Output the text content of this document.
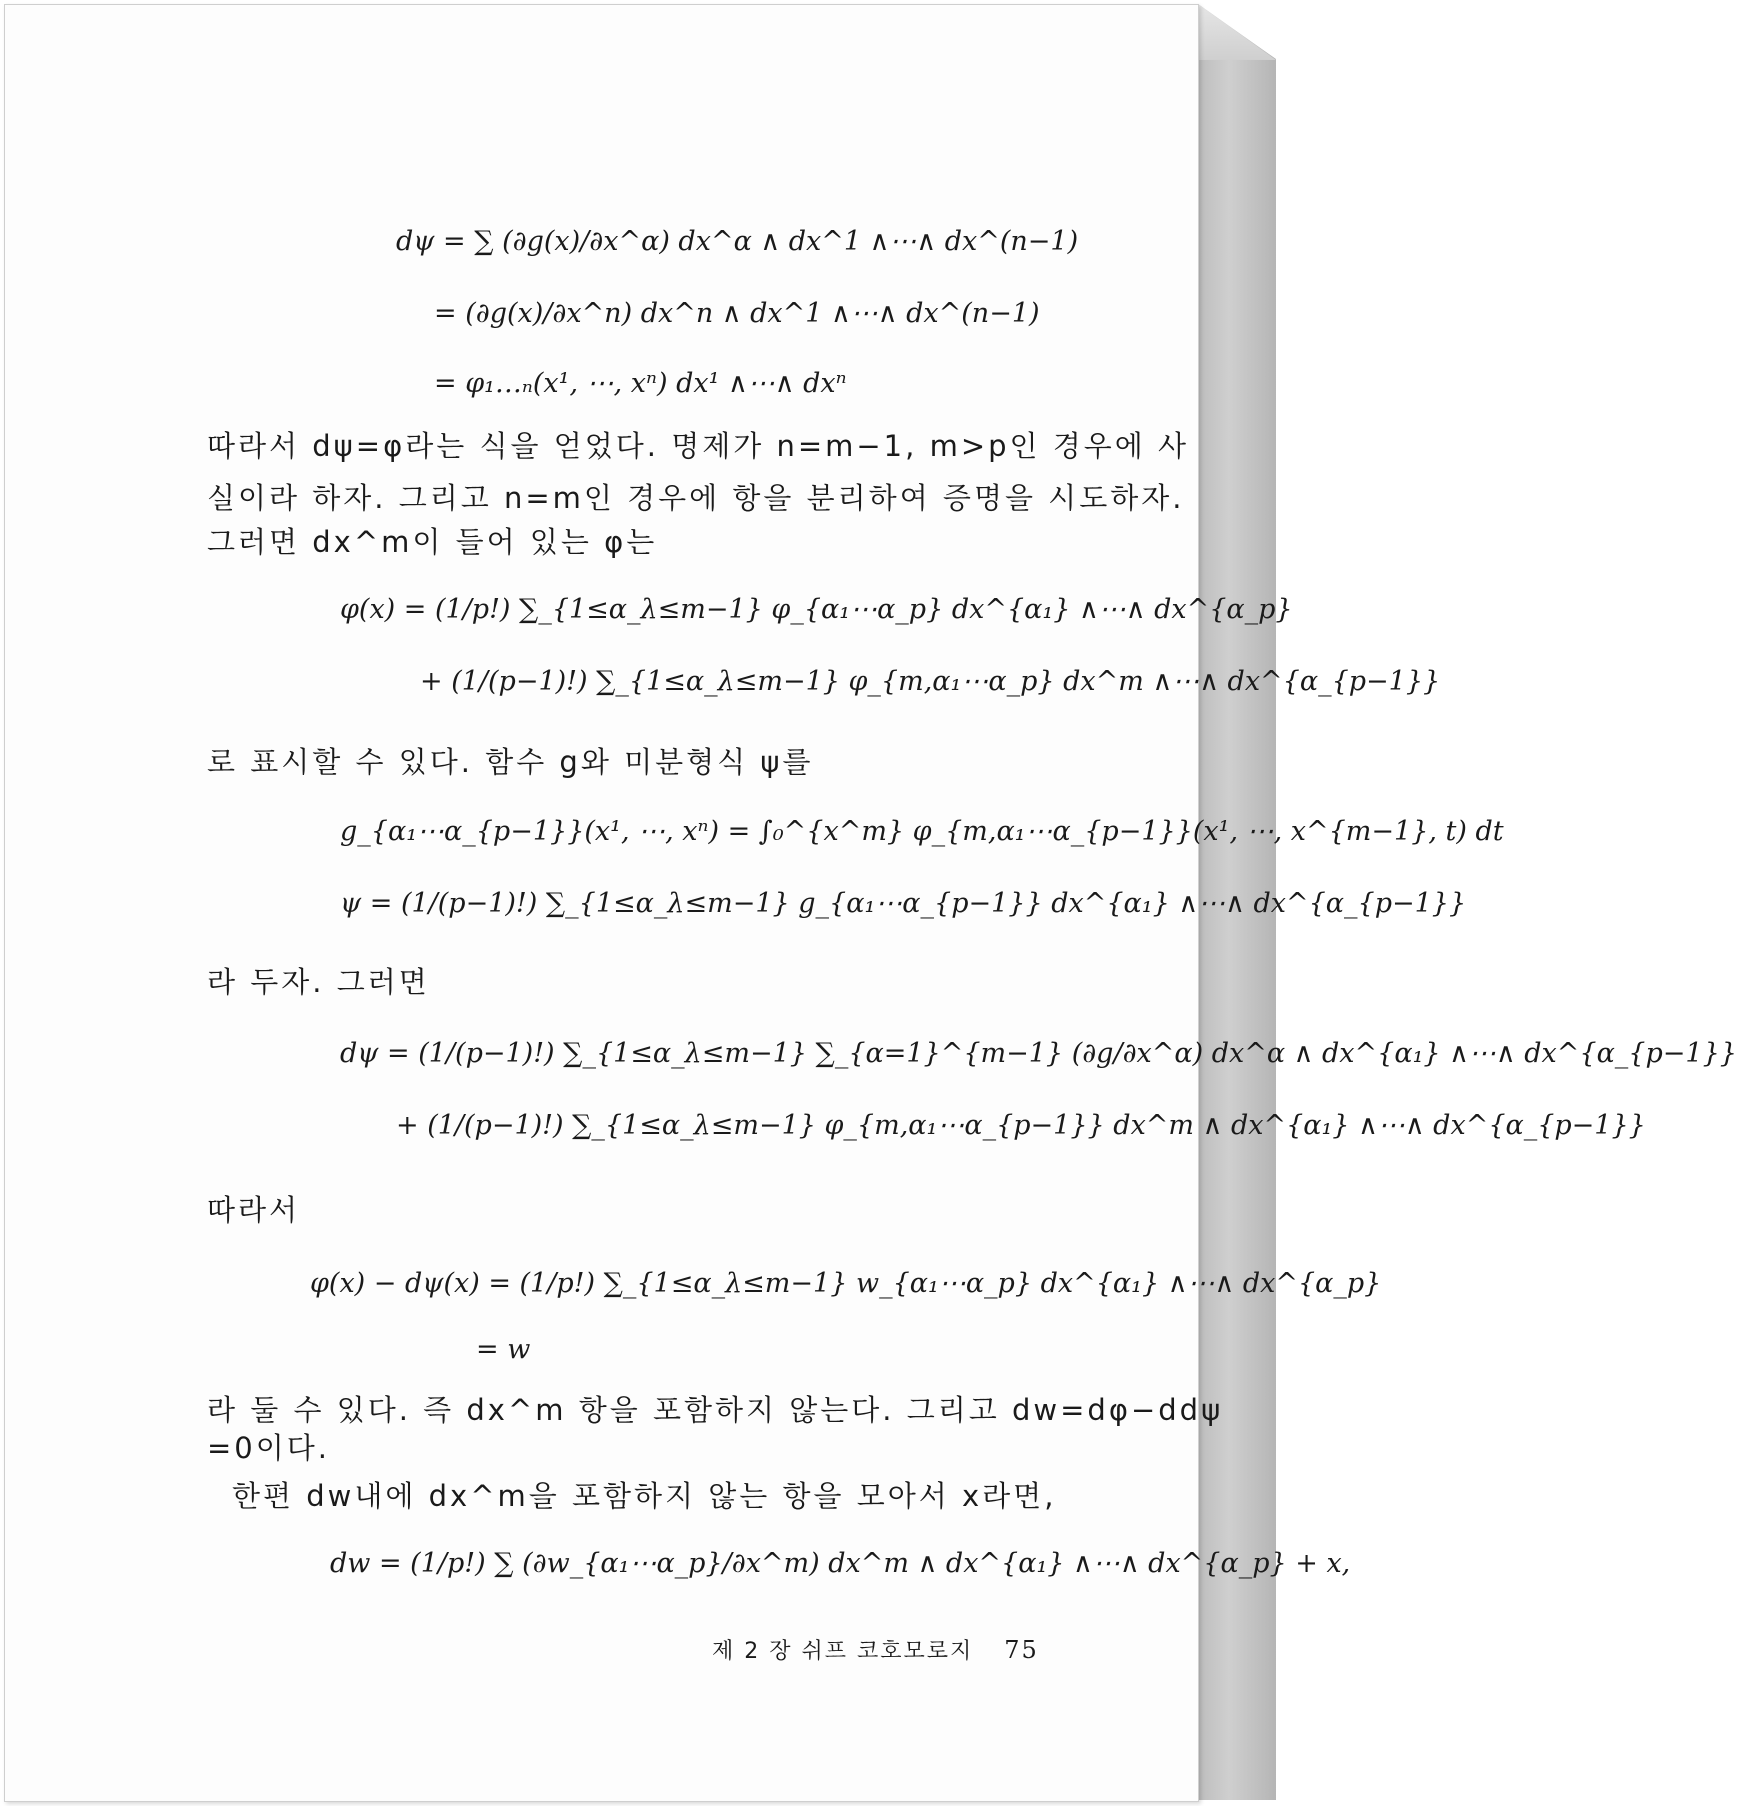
dψ = ∑ (∂g(x)/∂x^α) dx^α ∧ dx^1 ∧⋯∧ dx^(n−1)
= (∂g(x)/∂x^n) dx^n ∧ dx^1 ∧⋯∧ dx^(n−1)
= φ₁…ₙ(x¹, ⋯, xⁿ) dx¹ ∧⋯∧ dxⁿ
따라서 dψ=φ라는 식을 얻었다. 명제가 n=m−1, m>p인 경우에 사
실이라 하자. 그리고 n=m인 경우에 항을 분리하여 증명을 시도하자.
그러면 dx^m이 들어 있는 φ는
φ(x) = (1/p!) ∑_{1≤α_λ≤m−1} φ_{α₁⋯α_p} dx^{α₁} ∧⋯∧ dx^{α_p}
+ (1/(p−1)!) ∑_{1≤α_λ≤m−1} φ_{m,α₁⋯α_p} dx^m ∧⋯∧ dx^{α_{p−1}}
로 표시할 수 있다. 함수 g와 미분형식 ψ를
g_{α₁⋯α_{p−1}}(x¹, ⋯, xⁿ) = ∫₀^{x^m} φ_{m,α₁⋯α_{p−1}}(x¹, ⋯, x^{m−1}, t) dt
ψ = (1/(p−1)!) ∑_{1≤α_λ≤m−1} g_{α₁⋯α_{p−1}} dx^{α₁} ∧⋯∧ dx^{α_{p−1}}
라 두자. 그러면
dψ = (1/(p−1)!) ∑_{1≤α_λ≤m−1} ∑_{α=1}^{m−1} (∂g/∂x^α) dx^α ∧ dx^{α₁} ∧⋯∧ dx^{α_{p−1}}
+ (1/(p−1)!) ∑_{1≤α_λ≤m−1} φ_{m,α₁⋯α_{p−1}} dx^m ∧ dx^{α₁} ∧⋯∧ dx^{α_{p−1}}
따라서
φ(x) − dψ(x) = (1/p!) ∑_{1≤α_λ≤m−1} w_{α₁⋯α_p} dx^{α₁} ∧⋯∧ dx^{α_p}
= w
라 둘 수 있다. 즉 dx^m 항을 포함하지 않는다. 그리고 dw=dφ−ddψ
=0이다.
한편 dw내에 dx^m을 포함하지 않는 항을 모아서 x라면,
dw = (1/p!) ∑ (∂w_{α₁⋯α_p}/∂x^m) dx^m ∧ dx^{α₁} ∧⋯∧ dx^{α_p} + x,
제 2 장 쉬프 코호모로지 75
